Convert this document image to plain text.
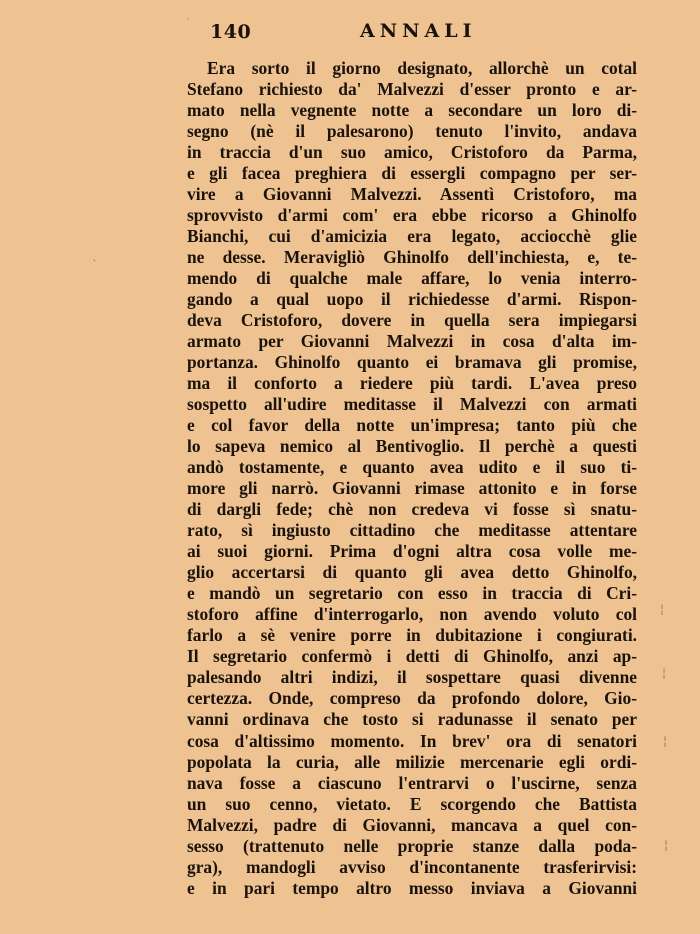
ˋ 140	ANNALI
Era sorto il giorno designato, allorchè un cotal
Stefano richiesto da' Malvezzi d'esser pronto e ar-
mato nella vegnente notte a secondare un loro di-
segno (nè il palesarono) tenuto l'invito, andava
in traccia d'un suo amico, Cristoforo da Parma,
e gli facea preghiera di essergli compagno per ser-
vire a Giovanni Malvezzi. Assentì Cristoforo, ma
sprovvisto d'armi com' era ebbe ricorso a Ghinolfo
Bianchi, cui d'amicizia era legato, acciocchè glie
ne desse. Meravigliò Ghinolfo dell'inchiesta, e, te-
mendo di qualche male affare, lo venia interro-
gando a qual uopo il richiedesse d'armi. Rispon-
deva Cristoforo, dovere in quella sera impiegarsi
armato per Giovanni Malvezzi in cosa d'alta im-
portanza. Ghinolfo quanto ei bramava gli promise,
ma il conforto a riedere più tardi. L'avea preso
sospetto all'udire meditasse il Malvezzi con armati
e col favor della notte un'impresa; tanto più che
lo sapeva nemico al Bentivoglio. Il perchè a questi
andò tostamente, e quanto avea udito e il suo ti-
more gli narrò. Giovanni rimase attonito e in forse
di dargli fede; chè non credeva vi fosse sì snatu-
rato, sì ingiusto cittadino che meditasse attentare
ai suoi giorni. Prima d'ogni altra cosa volle me-
glio accertarsi di quanto gli avea detto Ghinolfo,
e mandò un segretario con esso in traccia di Cri-
stoforo affine d'interrogarlo, non avendo voluto col
farlo a sè venire porre in dubitazione i congiurati.
Il segretario confermò i detti di Ghinolfo, anzi ap-
palesando altri indizi, il sospettare quasi divenne
certezza. Onde, compreso da profondo dolore, Gio-
vanni ordinava che tosto si radunasse il senato per
cosa d'altissimo momento. In brev' ora di senatori
popolata la curia, alle milizie mercenarie egli ordi-
nava fosse a ciascuno l'entrarvi o l'uscirne, senza
un suo cenno, vietato. E scorgendo che Battista
Malvezzi, padre di Giovanni, mancava a quel con-
sesso (trattenuto nelle proprie stanze dalla poda-
gra), mandogli avviso d'incontanente trasferirvisi:
e in pari tempo altro messo inviava a Giovanni
ˋ
¦
¦
¦
¦
